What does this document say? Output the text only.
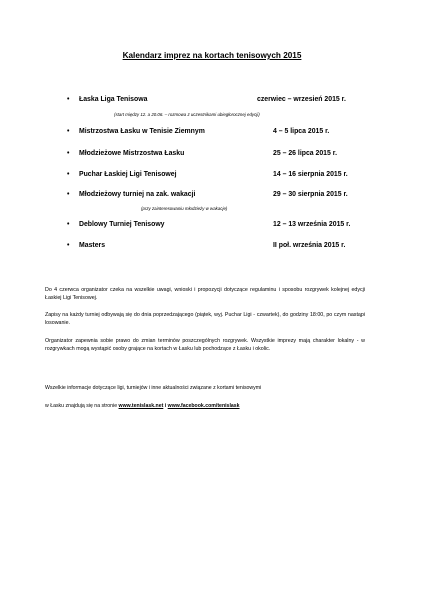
Kalendarz imprez na kortach tenisowych 2015
• Łaska Liga Tenisowa	czerwiec – wrzesień 2015 r.
(start między 12. a 20.06. – rozmowa z uczestnikami ubiegłorocznej edycji)
• Mistrzostwa Łasku w Tenisie Ziemnym	4 – 5 lipca 2015 r.
• Młodzieżowe Mistrzostwa Łasku	25 – 26 lipca 2015 r.
• Puchar Łaskiej Ligi Tenisowej	14 – 16 sierpnia 2015 r.
• Młodzieżowy turniej na zak. wakacji	29 – 30 sierpnia 2015 r.
(przy zainteresowaniu młodzieży w wakacje)
• Deblowy Turniej Tenisowy	12 – 13 września 2015 r.
• Masters	II poł. września 2015 r.
Do 4 czerwca organizator czeka na wszelkie uwagi, wnioski i propozycji dotyczące regulaminu i sposobu rozgrywek kolejnej edycji Łaskiej Ligi Tenisowej.
Zapisy na każdy turniej odbywają się do dnia poprzedzającego (piątek, wyj. Puchar Ligi - czwartek), do godziny 18:00, po czym nastąpi losowanie.
Organizator zapewnia sobie prawo do zmian terminów poszczególnych rozgrywek. Wszystkie imprezy mają charakter lokalny - w rozgrywkach mogą wystąpić osoby grające na kortach w Łasku lub pochodzące z Łasku i okolic.
Wszelkie informacje dotyczące ligi, turniejów i inne aktualności związane z kortami tenisowymi
w Łasku znajdują się na stronie www.tenislask.net i www.facebook.com/tenislask
